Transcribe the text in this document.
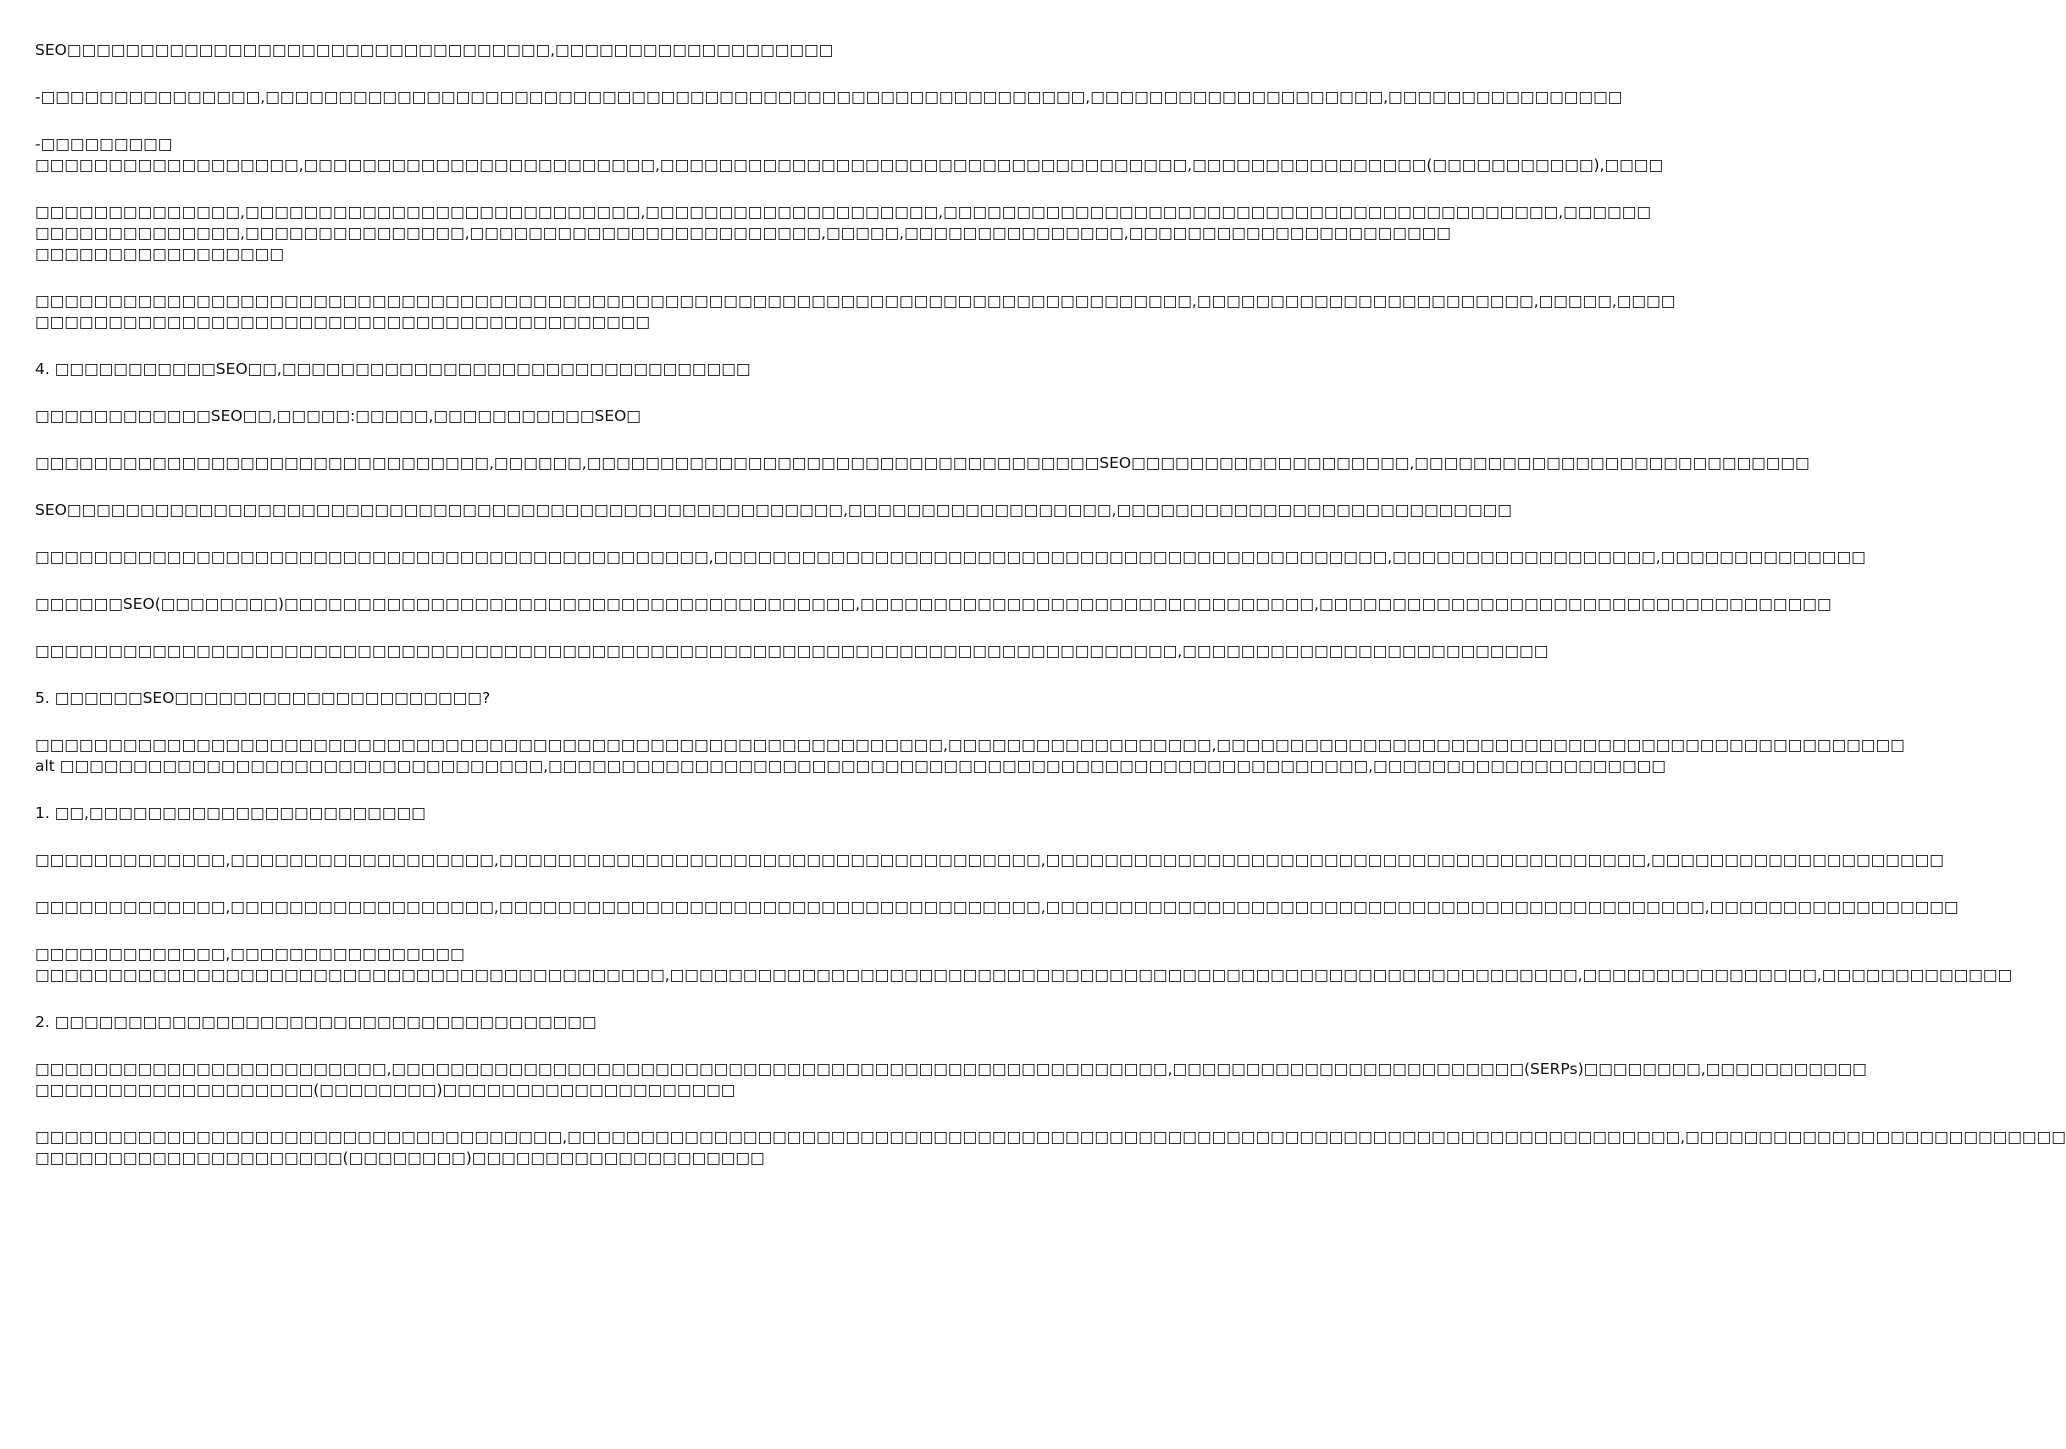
SEO□□□□□□□□□□□□□□□□□□□□□□□□□□□□□□□□□,□□□□□□□□□□□□□□□□□□□
-□□□□□□□□□□□□□□□,□□□□□□□□□□□□□□□□□□□□□□□□□□□□□□□□□□□□□□□□□□□□□□□□□□□□□□□□,□□□□□□□□□□□□□□□□□□□□,□□□□□□□□□□□□□□□□
-□□□□□□□□□
□□□□□□□□□□□□□□□□□□,□□□□□□□□□□□□□□□□□□□□□□□□,□□□□□□□□□□□□□□□□□□□□□□□□□□□□□□□□□□□□,□□□□□□□□□□□□□□□□(□□□□□□□□□□□),□□□□
□□□□□□□□□□□□□□,□□□□□□□□□□□□□□□□□□□□□□□□□□□,□□□□□□□□□□□□□□□□□□□□,□□□□□□□□□□□□□□□□□□□□□□□□□□□□□□□□□□□□□□□□□□,□□□□□□
□□□□□□□□□□□□□□,□□□□□□□□□□□□□□□,□□□□□□□□□□□□□□□□□□□□□□□□,□□□□□,□□□□□□□□□□□□□□□,□□□□□□□□□□□□□□□□□□□□□□
□□□□□□□□□□□□□□□□□
□□□□□□□□□□□□□□□□□□□□□□□□□□□□□□□□□□□□□□□□□□□□□□□□□□□□□□□□□□□□□□□□□□□□□□□□□□□□□□□,□□□□□□□□□□□□□□□□□□□□□□□,□□□□□,□□□□
□□□□□□□□□□□□□□□□□□□□□□□□□□□□□□□□□□□□□□□□□□
4. □□□□□□□□□□□SEO□□,□□□□□□□□□□□□□□□□□□□□□□□□□□□□□□□□
□□□□□□□□□□□□SEO□□,□□□□□:□□□□□,□□□□□□□□□□□SEO□
□□□□□□□□□□□□□□□□□□□□□□□□□□□□□□□,□□□□□□,□□□□□□□□□□□□□□□□□□□□□□□□□□□□□□□□□□□SEO□□□□□□□□□□□□□□□□□□□,□□□□□□□□□□□□□□□□□□□□□□□□□□□
SEO□□□□□□□□□□□□□□□□□□□□□□□□□□□□□□□□□□□□□□□□□□□□□□□□□□□□□,□□□□□□□□□□□□□□□□□□,□□□□□□□□□□□□□□□□□□□□□□□□□□□
□□□□□□□□□□□□□□□□□□□□□□□□□□□□□□□□□□□□□□□□□□□□□□,□□□□□□□□□□□□□□□□□□□□□□□□□□□□□□□□□□□□□□□□□□□□□□,□□□□□□□□□□□□□□□□□□,□□□□□□□□□□□□□□
□□□□□□SEO(□□□□□□□□)□□□□□□□□□□□□□□□□□□□□□□□□□□□□□□□□□□□□□□□,□□□□□□□□□□□□□□□□□□□□□□□□□□□□□□□,□□□□□□□□□□□□□□□□□□□□□□□□□□□□□□□□□□□
□□□□□□□□□□□□□□□□□□□□□□□□□□□□□□□□□□□□□□□□□□□□□□□□□□□□□□□□□□□□□□□□□□□□□□□□□□□□□□,□□□□□□□□□□□□□□□□□□□□□□□□□
5. □□□□□□SEO□□□□□□□□□□□□□□□□□□□□□?
□□□□□□□□□□□□□□□□□□□□□□□□□□□□□□□□□□□□□□□□□□□□□□□□□□□□□□□□□□□□□□,□□□□□□□□□□□□□□□□□□,□□□□□□□□□□□□□□□□□□□□□□□□□□□□□□□□□□□□□□□□□□□□□□□
alt □□□□□□□□□□□□□□□□□□□□□□□□□□□□□□□□□,□□□□□□□□□□□□□□□□□□□□□□□□□□□□□□□□□□□□□□□□□□□□□□□□□□□□□□□□,□□□□□□□□□□□□□□□□□□□□
1. □□,□□□□□□□□□□□□□□□□□□□□□□□
□□□□□□□□□□□□□,□□□□□□□□□□□□□□□□□□,□□□□□□□□□□□□□□□□□□□□□□□□□□□□□□□□□□□□□,□□□□□□□□□□□□□□□□□□□□□□□□□□□□□□□□□□□□□□□□□,□□□□□□□□□□□□□□□□□□□□
□□□□□□□□□□□□□,□□□□□□□□□□□□□□□□□□,□□□□□□□□□□□□□□□□□□□□□□□□□□□□□□□□□□□□□,□□□□□□□□□□□□□□□□□□□□□□□□□□□□□□□□□□□□□□□□□□□□□,□□□□□□□□□□□□□□□□□
□□□□□□□□□□□□□,□□□□□□□□□□□□□□□□
□□□□□□□□□□□□□□□□□□□□□□□□□□□□□□□□□□□□□□□□□□□,□□□□□□□□□□□□□□□□□□□□□□□□□□□□□□□□□□□□□□□□□□□□□□□□□□□□□□□□□□□□□□,□□□□□□□□□□□□□□□□,□□□□□□□□□□□□□
2. □□□□□□□□□□□□□□□□□□□□□□□□□□□□□□□□□□□□□
□□□□□□□□□□□□□□□□□□□□□□□□,□□□□□□□□□□□□□□□□□□□□□□□□□□□□□□□□□□□□□□□□□□□□□□□□□□□□□,□□□□□□□□□□□□□□□□□□□□□□□□(SERPs)□□□□□□□□,□□□□□□□□□□□
□□□□□□□□□□□□□□□□□□□(□□□□□□□□)□□□□□□□□□□□□□□□□□□□□
□□□□□□□□□□□□□□□□□□□□□□□□□□□□□□□□□□□□,□□□□□□□□□□□□□□□□□□□□□□□□□□□□□□□□□□□□□□□□□□□□□□□□□□□□□□□□□□□□□□□□□□□□□□□□□□□□,□□□□□□□□□□□□□□□□□□□□□□□□□□
□□□□□□□□□□□□□□□□□□□□□(□□□□□□□□)□□□□□□□□□□□□□□□□□□□□
